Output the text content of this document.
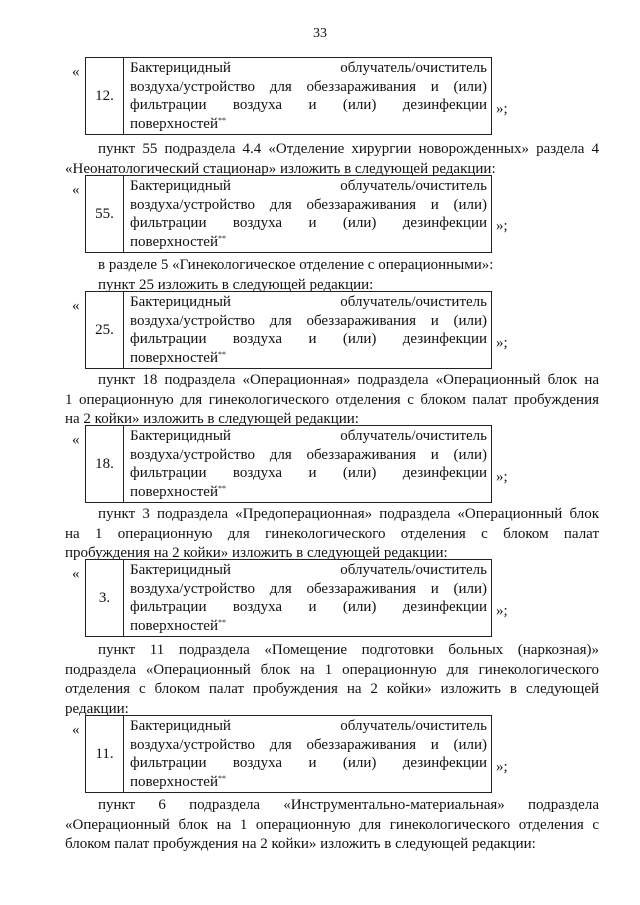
33
«
12.	
Бактерицидный облучатель/очиститель
воздуха/устройство для обеззараживания и (или)
фильтрации воздуха и (или) дезинфекции
поверхностей**
»;

пункт 55 подраздела 4.4 «Отделение хирургии новорожденных» раздела 4
«Неонатологический стационар» изложить в следующей редакции:

«
55.	
Бактерицидный облучатель/очиститель
воздуха/устройство для обеззараживания и (или)
фильтрации воздуха и (или) дезинфекции
поверхностей**
»;

в разделе 5 «Гинекологическое отделение с операционными»:
пункт 25 изложить в следующей редакции:

«
25.	
Бактерицидный облучатель/очиститель
воздуха/устройство для обеззараживания и (или)
фильтрации воздуха и (или) дезинфекции
поверхностей**
»;

пункт 18 подраздела «Операционная» подраздела «Операционный блок на
1 операционную для гинекологического отделения с блоком палат пробуждения
на 2 койки» изложить в следующей редакции:

«
18.	
Бактерицидный облучатель/очиститель
воздуха/устройство для обеззараживания и (или)
фильтрации воздуха и (или) дезинфекции
поверхностей**
»;

пункт 3 подраздела «Предоперационная» подраздела «Операционный блок
на 1 операционную для гинекологического отделения с блоком палат
пробуждения на 2 койки» изложить в следующей редакции:

«
3.	
Бактерицидный облучатель/очиститель
воздуха/устройство для обеззараживания и (или)
фильтрации воздуха и (или) дезинфекции
поверхностей**
»;

пункт 11 подраздела «Помещение подготовки больных (наркозная)»
подраздела «Операционный блок на 1 операционную для гинекологического
отделения с блоком палат пробуждения на 2 койки» изложить в следующей
редакции:

«
11.	
Бактерицидный облучатель/очиститель
воздуха/устройство для обеззараживания и (или)
фильтрации воздуха и (или) дезинфекции
поверхностей**
»;

пункт 6 подраздела «Инструментально-материальная» подраздела
«Операционный блок на 1 операционную для гинекологического отделения с
блоком палат пробуждения на 2 койки» изложить в следующей редакции:
